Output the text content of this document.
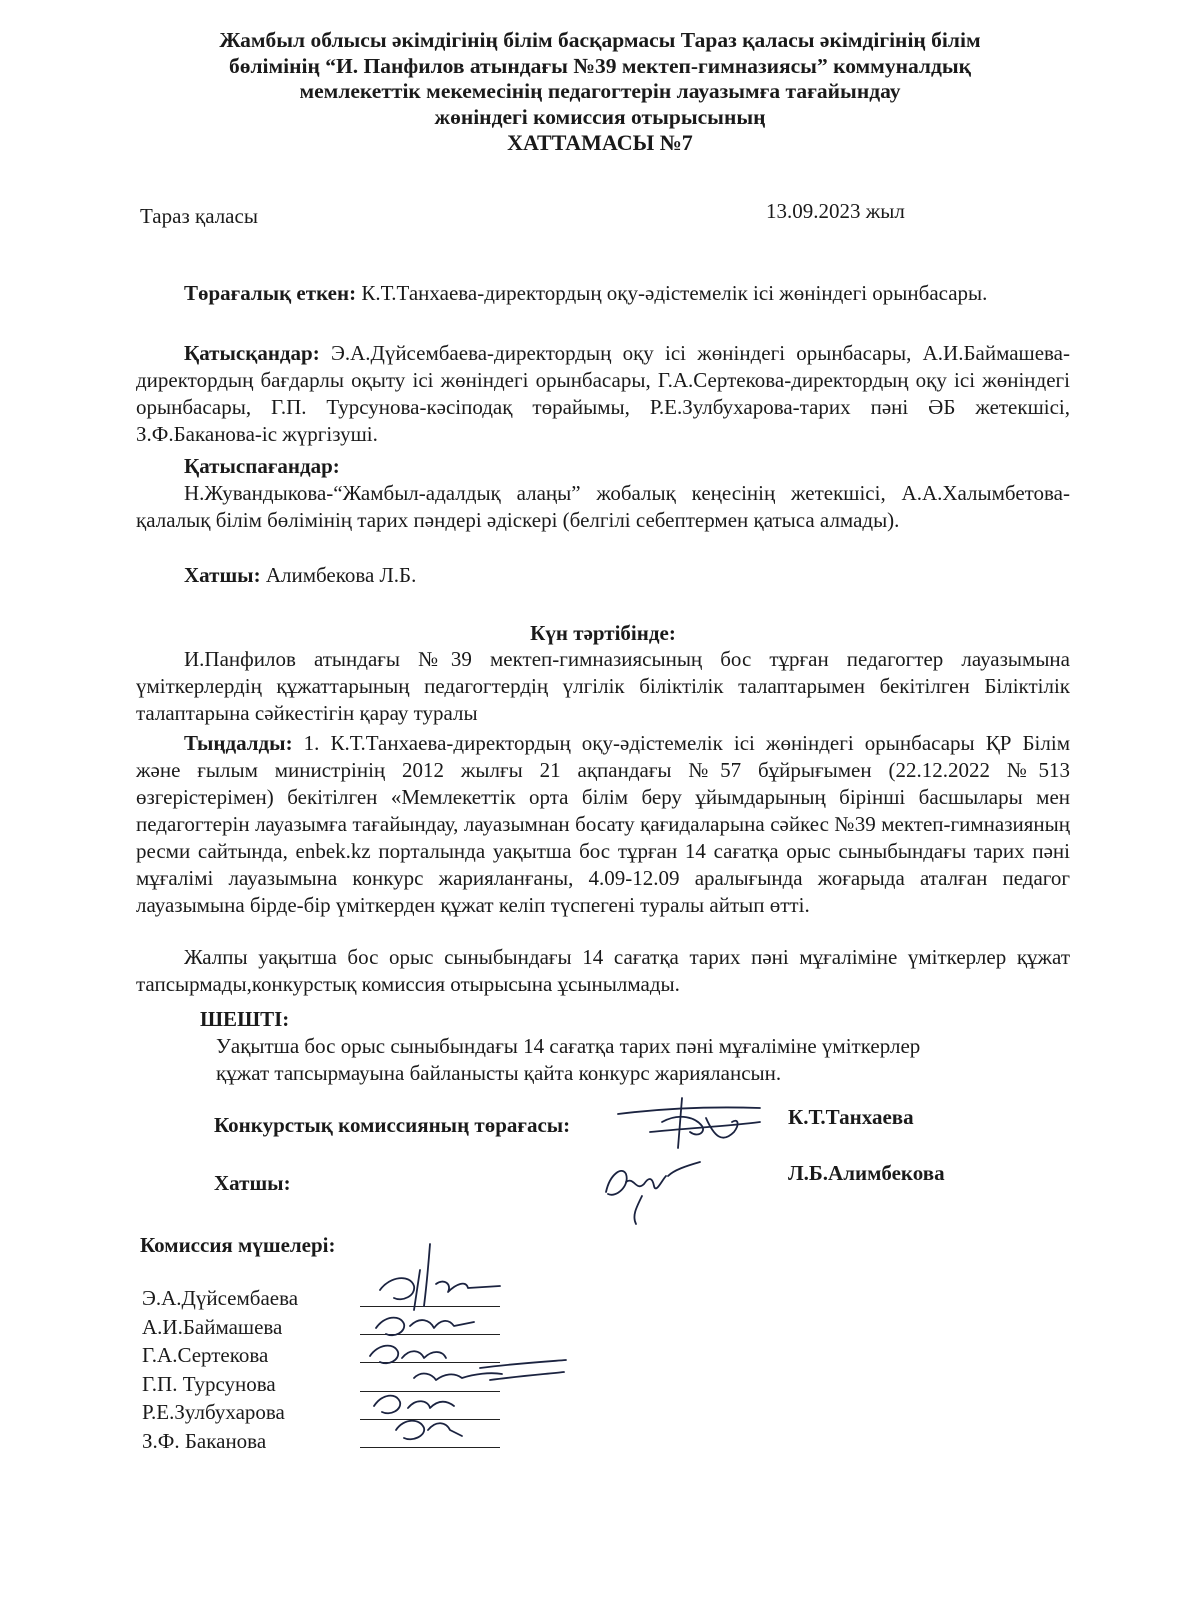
Жамбыл облысы әкімдігінің білім басқармасы Тараз қаласы әкімдігінің білім
бөлімінің “И. Панфилов атындағы №39 мектеп-гимназиясы” коммуналдық
мемлекеттік мекемесінің педагогтерін лауазымға тағайындау
жөніндегі комиссия отырысының
ХАТТАМАСЫ №7
Тараз қаласы	13.09.2023 жыл
Төрағалық еткен: К.Т.Танхаева-директордың оқу-әдістемелік ісі жөніндегі орынбасары.
Қатысқандар: Э.А.Дүйсембаева-директордың оқу ісі жөніндегі орынбасары, А.И.Баймашева-директордың бағдарлы оқыту ісі жөніндегі орынбасары, Г.А.Сертекова-директордың оқу ісі жөніндегі орынбасары, Г.П. Турсунова-кәсіподақ төрайымы, Р.Е.Зулбухарова-тарих пәні ӘБ жетекшісі, З.Ф.Баканова-іс жүргізуші.
Қатыспағандар:
Н.Жувандыкова-“Жамбыл-адалдық алаңы” жобалық кеңесінің жетекшісі, А.А.Халымбетова-қалалық білім бөлімінің тарих пәндері әдіскері (белгілі себептермен қатыса алмады).
Хатшы: Алимбекова Л.Б.
Күн тәртібінде:
И.Панфилов атындағы №39 мектеп-гимназиясының бос тұрған педагогтер лауазымына үміткерлердің құжаттарының педагогтердің үлгілік біліктілік талаптарымен бекітілген Біліктілік талаптарына сәйкестігін қарау туралы
Тыңдалды: 1. К.Т.Танхаева-директордың оқу-әдістемелік ісі жөніндегі орынбасары ҚР Білім және ғылым министрінің 2012 жылғы 21 ақпандағы №57 бұйрығымен (22.12.2022 №513 өзгерістерімен) бекітілген «Мемлекеттік орта білім беру ұйымдарының бірінші басшылары мен педагогтерін лауазымға тағайындау, лауазымнан босату қағидаларына сәйкес №39 мектеп-гимназияның ресми сайтында, enbek.kz порталында уақытша бос тұрған 14 сағатқа орыс сыныбындағы тарих пәні мұғалімі лауазымына конкурс жарияланғаны, 4.09-12.09 аралығында жоғарыда аталған педагог лауазымына бірде-бір үміткерден құжат келіп түспегені туралы айтып өтті.
Жалпы уақытша бос орыс сыныбындағы 14 сағатқа тарих пәні мұғаліміне үміткерлер құжат тапсырмады,конкурстық комиссия отырысына ұсынылмады.
ШЕШТІ:
Уақытша бос орыс сыныбындағы 14 сағатқа тарих пәні мұғаліміне үміткерлер
құжат тапсырмауына байланысты қайта конкурс жариялансын.
Конкурстық комиссияның төрағасы:	К.Т.Танхаева
Хатшы:	Л.Б.Алимбекова
Комиссия мүшелері:
Э.А.Дүйсембаева
А.И.Баймашева
Г.А.Сертекова
Г.П. Турсунова
Р.Е.Зулбухарова
З.Ф. Баканова
